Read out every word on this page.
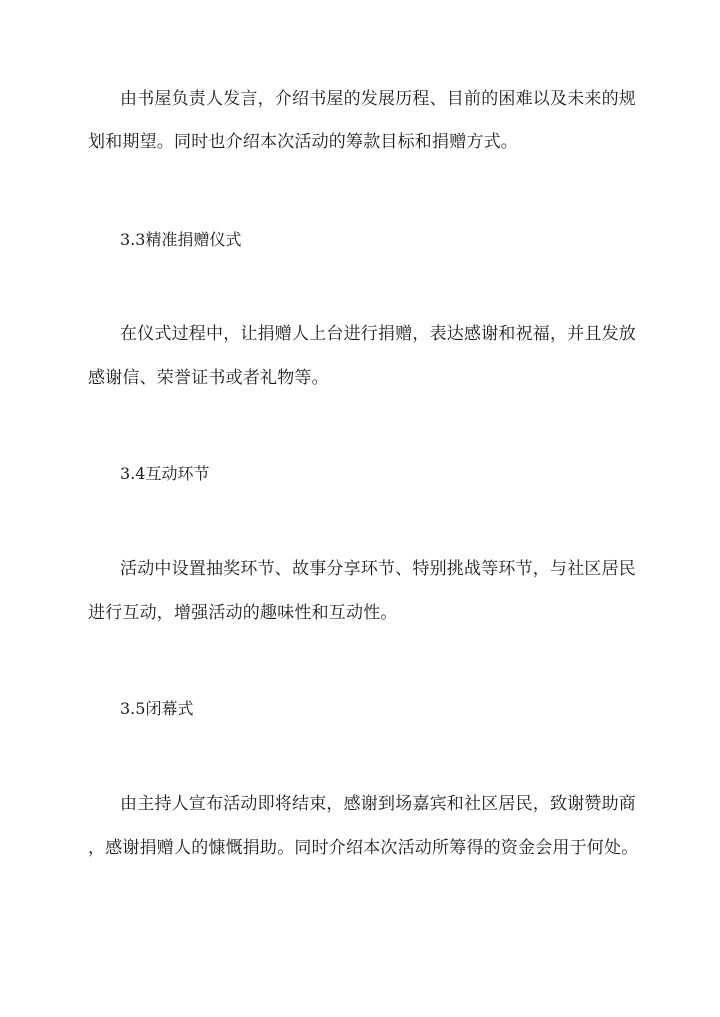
由书屋负责人发言，介绍书屋的发展历程、目前的困难以及未来的规
划和期望。同时也介绍本次活动的筹款目标和捐赠方式。
3.3精准捐赠仪式
在仪式过程中，让捐赠人上台进行捐赠，表达感谢和祝福，并且发放
感谢信、荣誉证书或者礼物等。
3.4互动环节
活动中设置抽奖环节、故事分享环节、特别挑战等环节，与社区居民
进行互动，增强活动的趣味性和互动性。
3.5闭幕式
由主持人宣布活动即将结束，感谢到场嘉宾和社区居民，致谢赞助商
，感谢捐赠人的慷慨捐助。同时介绍本次活动所筹得的资金会用于何处。
